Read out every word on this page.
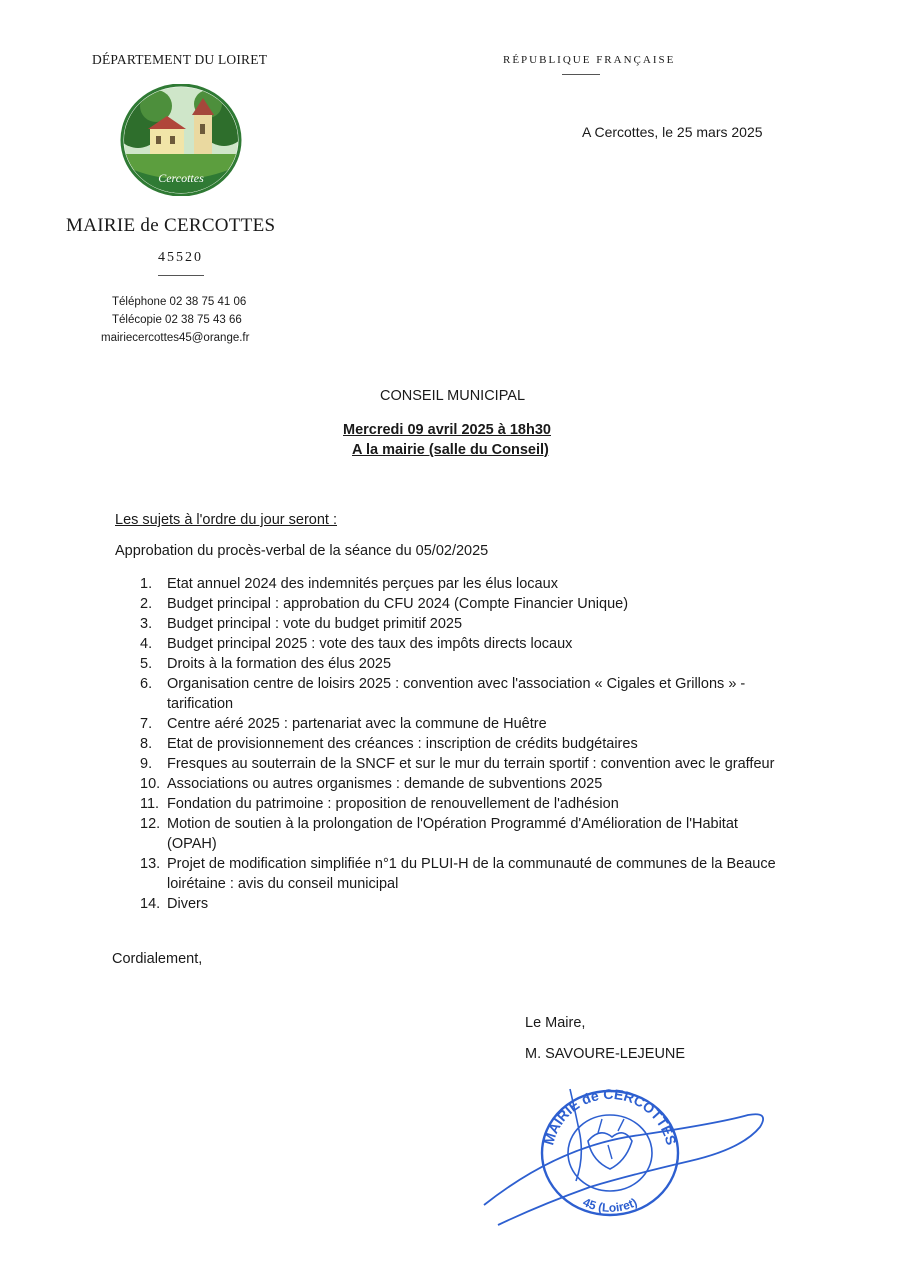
DÉPARTEMENT DU LOIRET	RÉPUBLIQUE FRANÇAISE
Cercottes
MAIRIE de CERCOTTES
45520
Téléphone 02 38 75 41 06
Télécopie 02 38 75 43 66
mairiecercottes45@orange.fr
A Cercottes, le 25 mars 2025
CONSEIL MUNICIPAL
Mercredi 09 avril 2025 à 18h30
A la mairie (salle du Conseil)
Les sujets à l'ordre du jour seront :
Approbation du procès-verbal de la séance du 05/02/2025
1. Etat annuel 2024 des indemnités perçues par les élus locaux
2. Budget principal : approbation du CFU 2024 (Compte Financier Unique)
3. Budget principal : vote du budget primitif 2025
4. Budget principal 2025 : vote des taux des impôts directs locaux
5. Droits à la formation des élus 2025
6. Organisation centre de loisirs 2025 : convention avec l'association « Cigales et Grillons » - tarification
7. Centre aéré 2025 : partenariat avec la commune de Huêtre
8. Etat de provisionnement des créances : inscription de crédits budgétaires
9. Fresques au souterrain de la SNCF et sur le mur du terrain sportif : convention avec le graffeur
10. Associations ou autres organismes : demande de subventions 2025
11. Fondation du patrimoine : proposition de renouvellement de l'adhésion
12. Motion de soutien à la prolongation de l'Opération Programmé d'Amélioration de l'Habitat (OPAH)
13. Projet de modification simplifiée n°1 du PLUI-H de la communauté de communes de la Beauce loirétaine : avis du conseil municipal
14. Divers
Cordialement,
Le Maire,
M. SAVOURE-LEJEUNE
MAIRIE de CERCOTTES
45 (Loiret)
